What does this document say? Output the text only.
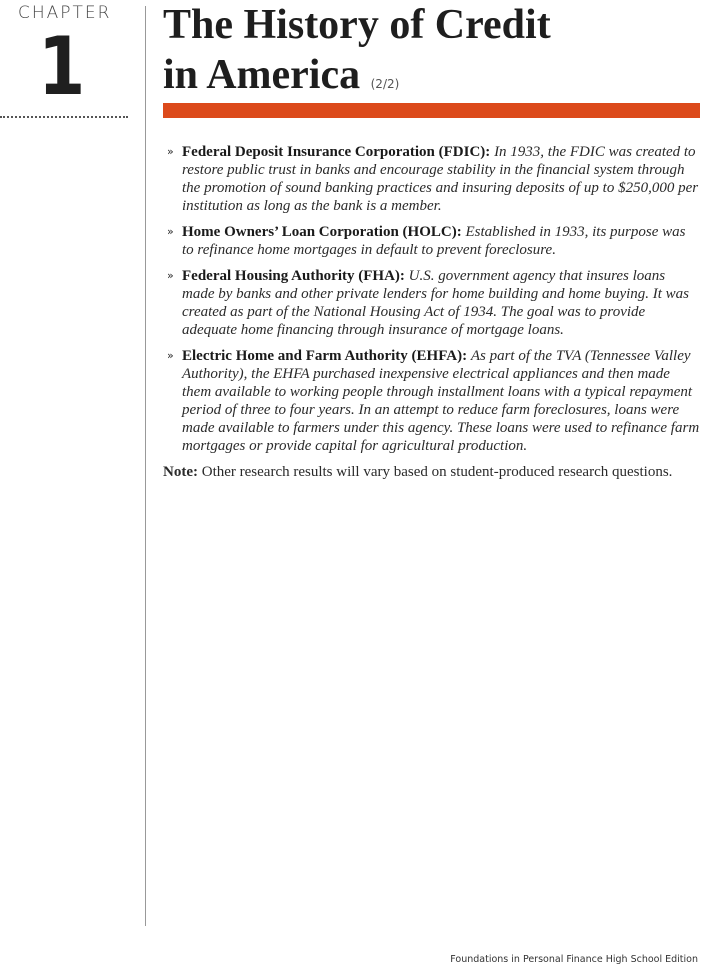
CHAPTER
1 The History of Credit
in America (2/2)
» Federal Deposit Insurance Corporation (FDIC): In 1933, the FDIC was created to restore public trust in banks and encourage stability in the financial system through the promotion of sound banking practices and insuring deposits of up to $250,000 per institution as long as the bank is a member.
» Home Owners’ Loan Corporation (HOLC): Established in 1933, its purpose was to refinance home mortgages in default to prevent foreclosure.
» Federal Housing Authority (FHA): U.S. government agency that insures loans made by banks and other private lenders for home building and home buying. It was created as part of the National Housing Act of 1934. The goal was to provide adequate home financing through insurance of mortgage loans.
» Electric Home and Farm Authority (EHFA): As part of the TVA (Tennessee Valley Authority), the EHFA purchased inexpensive electrical appliances and then made them available to working people through installment loans with a typical repayment period of three to four years. In an attempt to reduce farm foreclosures, loans were made available to farmers under this agency. These loans were used to refinance farm mortgages or provide capital for agricultural production.
Note: Other research results will vary based on student-produced research questions.
Foundations in Personal Finance High School Edition
